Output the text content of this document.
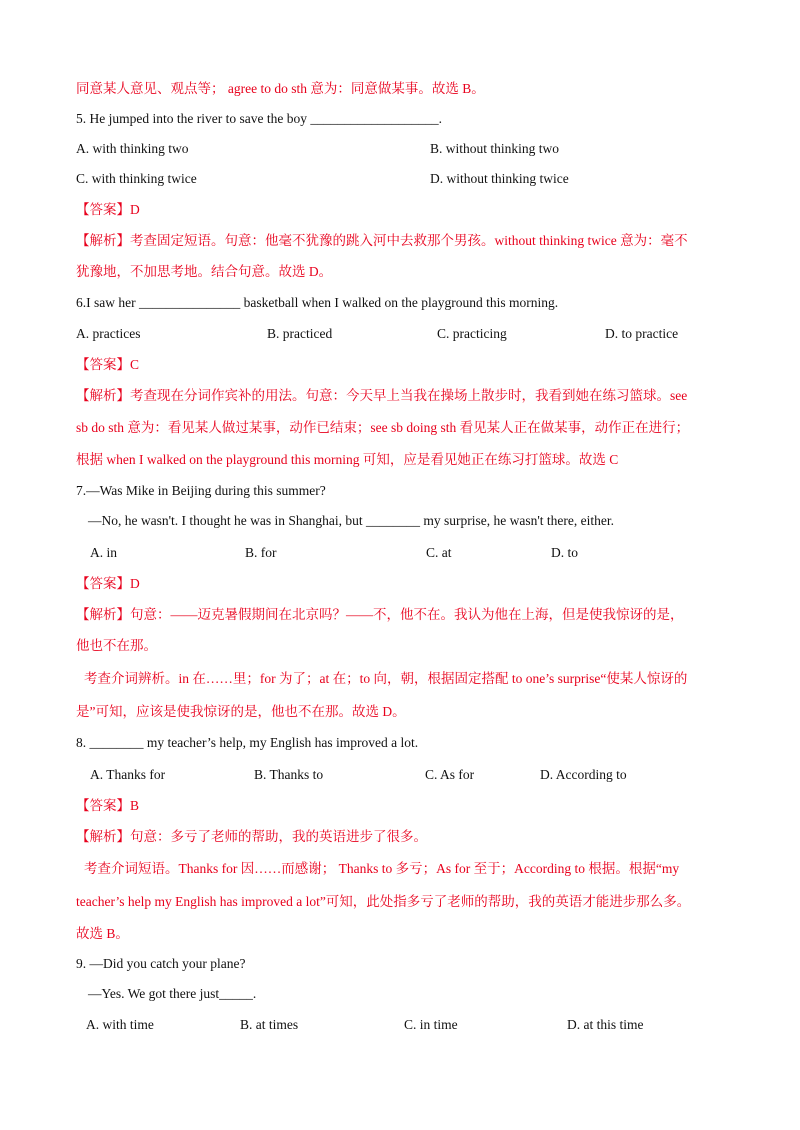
同意某人意见、观点等； agree to do sth 意为：同意做某事。故选 B。
5. He jumped into the river to save the boy ___________________.
A. with thinking two	B. without thinking two
C. with thinking twice	D. without thinking twice
【答案】D
【解析】考查固定短语。句意：他毫不犹豫的跳入河中去救那个男孩。without thinking twice 意为：毫不
犹豫地，不加思考地。结合句意。故选 D。
6.I saw her _______________ basketball when I walked on the playground this morning.
A. practices	B. practiced	C. practicing	D. to practice
【答案】C
【解析】考查现在分词作宾补的用法。句意：今天早上当我在操场上散步时，我看到她在练习篮球。see
sb do sth 意为：看见某人做过某事，动作已结束；see sb doing sth 看见某人正在做某事，动作正在进行；
根据 when I walked on the playground this morning 可知，应是看见她正在练习打篮球。故选 C
7.—Was Mike in Beijing during this summer?
—No, he wasn't. I thought he was in Shanghai, but ________ my surprise, he wasn't there, either.
A. in	B. for	C. at	D. to
【答案】D
【解析】句意：——迈克暑假期间在北京吗？——不，他不在。我认为他在上海，但是使我惊讶的是，
他也不在那。
考查介词辨析。in 在……里；for 为了；at 在；to 向，朝，根据固定搭配 to one’s surprise“使某人惊讶的
是”可知，应该是使我惊讶的是，他也不在那。故选 D。
8. ________ my teacher’s help, my English has improved a lot.
A. Thanks for	B. Thanks to	C. As for	D. According to
【答案】B
【解析】句意：多亏了老师的帮助，我的英语进步了很多。
考查介词短语。Thanks for 因……而感谢； Thanks to 多亏；As for 至于；According to 根据。根据“my
teacher’s help my English has improved a lot”可知，此处指多亏了老师的帮助，我的英语才能进步那么多。
故选 B。
9. —Did you catch your plane?
—Yes. We got there just_____.
A. with time	B. at times	C. in time	D. at this time
